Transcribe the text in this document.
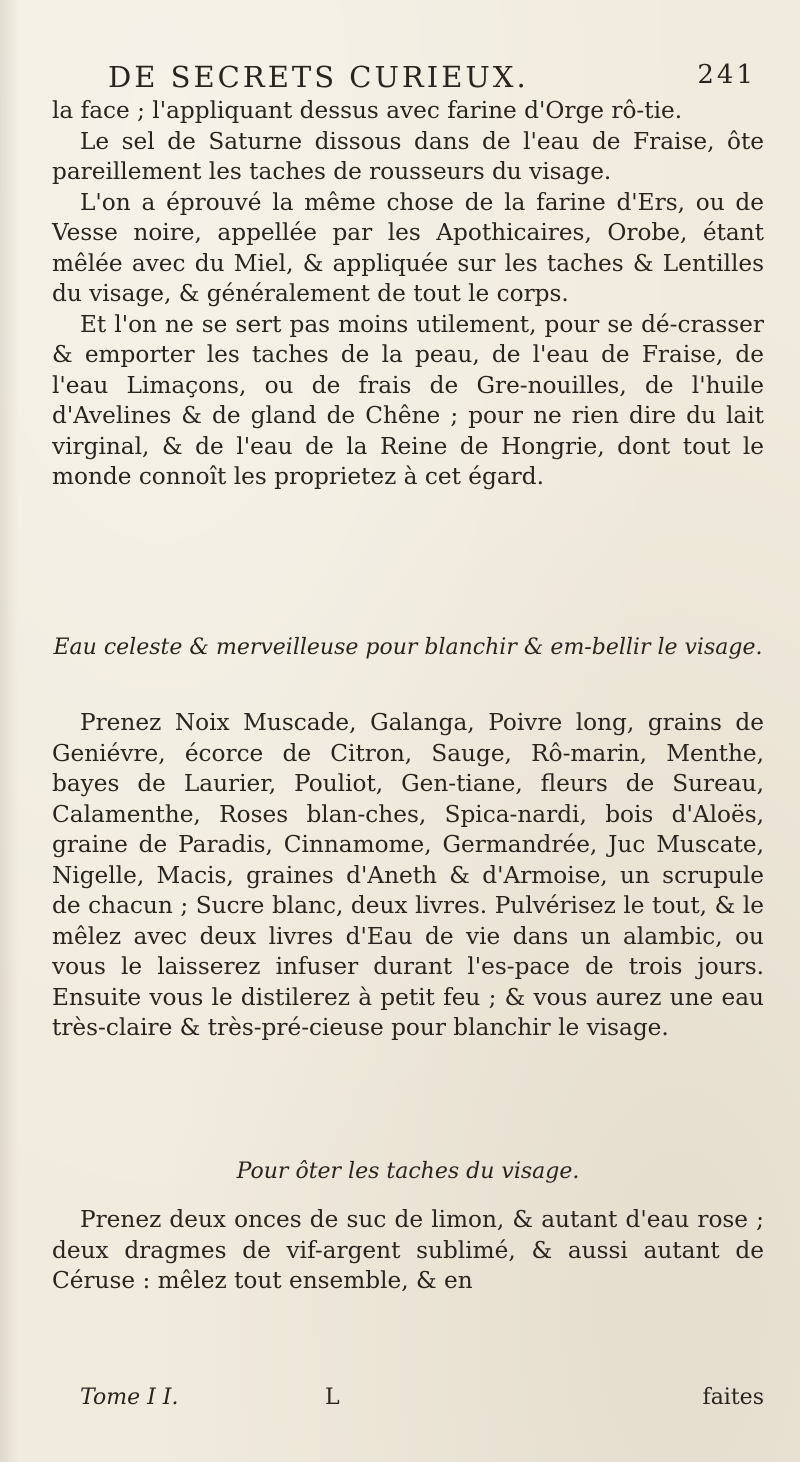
DE SECRETS CURIEUX.	241

la face ; l'appliquant dessus avec farine d'Orge rô-tie.

Le sel de Saturne dissous dans de l'eau de Fraise, ôte pareillement les taches de rousseurs du visage.

L'on a éprouvé la même chose de la farine d'Ers, ou de Vesse noire, appellée par les Apothicaires, Orobe, étant mêlée avec du Miel, & appliquée sur les taches & Lentilles du visage, & généralement de tout le corps.

Et l'on ne se sert pas moins utilement, pour se dé-crasser & emporter les taches de la peau, de l'eau de Fraise, de l'eau Limaçons, ou de frais de Gre-nouilles, de l'huile d'Avelines & de gland de Chêne ; pour ne rien dire du lait virginal, & de l'eau de la Reine de Hongrie, dont tout le monde connoît les proprietez à cet égard.

Eau celeste & merveilleuse pour blanchir & em-bellir le visage.

Prenez Noix Muscade, Galanga, Poivre long, grains de Geniévre, écorce de Citron, Sauge, Rô-marin, Menthe, bayes de Laurier, Pouliot, Gen-tiane, fleurs de Sureau, Calamenthe, Roses blan-ches, Spica-nardi, bois d'Aloës, graine de Paradis, Cinnamome, Germandrée, Juc Muscate, Nigelle, Macis, graines d'Aneth & d'Armoise, un scrupule de chacun ; Sucre blanc, deux livres. Pulvérisez le tout, & le mêlez avec deux livres d'Eau de vie dans un alambic, ou vous le laisserez infuser durant l'es-pace de trois jours. Ensuite vous le distilerez à petit feu ; & vous aurez une eau très-claire & très-pré-cieuse pour blanchir le visage.

Pour ôter les taches du visage.

Prenez deux onces de suc de limon, & autant d'eau rose ; deux dragmes de vif-argent sublimé, & aussi autant de Céruse : mêlez tout ensemble, & en

Tome I I.	L	faites
